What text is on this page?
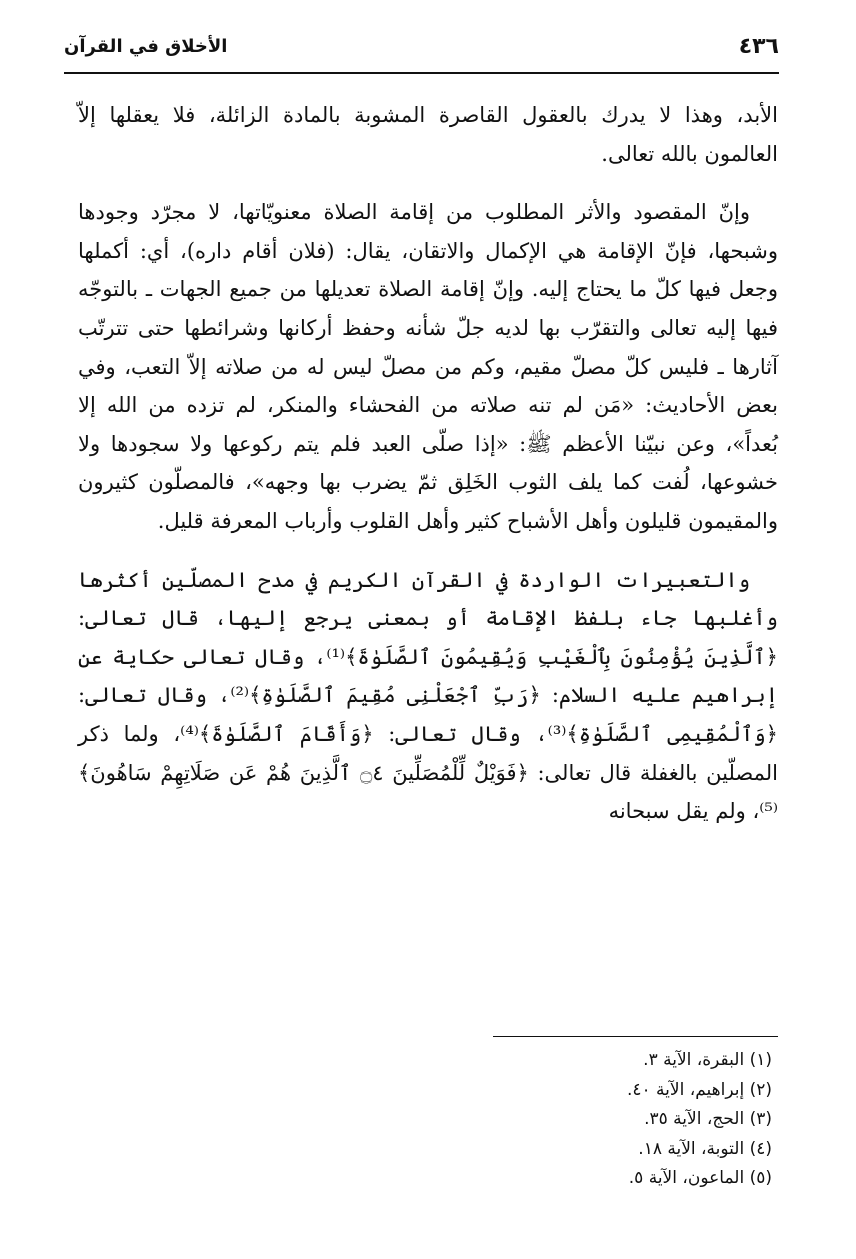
٤٣٦
الأخلاق في القرآن

الأبد، وهذا لا يدرك بالعقول القاصرة المشوبة بالمادة الزائلة، فلا يعقلها إلاّ العالمون بالله تعالى.

وإنّ المقصود والأثر المطلوب من إقامة الصلاة معنويّاتها، لا مجرّد وجودها وشبحها، فإنّ الإقامة هي الإكمال والاتقان، يقال: (فلان أقام داره)، أي: أكملها وجعل فيها كلّ ما يحتاج إليه. وإنّ إقامة الصلاة تعديلها من جميع الجهات ـ بالتوجّه فيها إليه تعالى والتقرّب بها لديه جلّ شأنه وحفظ أركانها وشرائطها حتى تترتّب آثارها ـ فليس كلّ مصلّ مقيم، وكم من مصلّ ليس له من صلاته إلاّ التعب، وفي بعض الأحاديث: «مَن لم تنه صلاته من الفحشاء والمنكر، لم تزده من الله إلا بُعداً»، وعن نبيّنا الأعظم ﷺ: «إذا صلّى العبد فلم يتم ركوعها ولا سجودها ولا خشوعها، لُفت كما يلف الثوب الخَلِق ثمّ يضرب بها وجهه»، فالمصلّون كثيرون والمقيمون قليلون وأهل الأشباح كثير وأهل القلوب وأرباب المعرفة قليل.

والتعبيرات الواردة في القرآن الكريم في مدح المصلّين أكثرها وأغلبها جاء بلفظ الإقامة أو بمعنى يرجع إليها، قال تعالى: ﴿ٱلَّذِينَ يُؤْمِنُونَ بِٱلْغَيْبِ وَيُقِيمُونَ ٱلصَّلَوٰةَ﴾⁽¹⁾، وقال تعالى حكاية عن إبراهيم عليه السلام: ﴿رَبِّ ٱجْعَلْنِى مُقِيمَ ٱلصَّلَوٰةِ﴾⁽²⁾، وقال تعالى: ﴿وَٱلْمُقِيمِى ٱلصَّلَوٰةِ﴾⁽³⁾، وقال تعالى: ﴿وَأَقَامَ ٱلصَّلَوٰةَ﴾⁽⁴⁾، ولما ذكر المصلّين بالغفلة قال تعالى: ﴿فَوَيْلٌ لِّلْمُصَلِّينَ ۝٤ ٱلَّذِينَ هُمْ عَن صَلَاتِهِمْ سَاهُونَ﴾⁽⁵⁾، ولم يقل سبحانه

(١) البقرة، الآية ٣.
(٢) إبراهيم، الآية ٤٠.
(٣) الحج، الآية ٣٥.
(٤) التوبة، الآية ١٨.
(٥) الماعون، الآية ٥.
